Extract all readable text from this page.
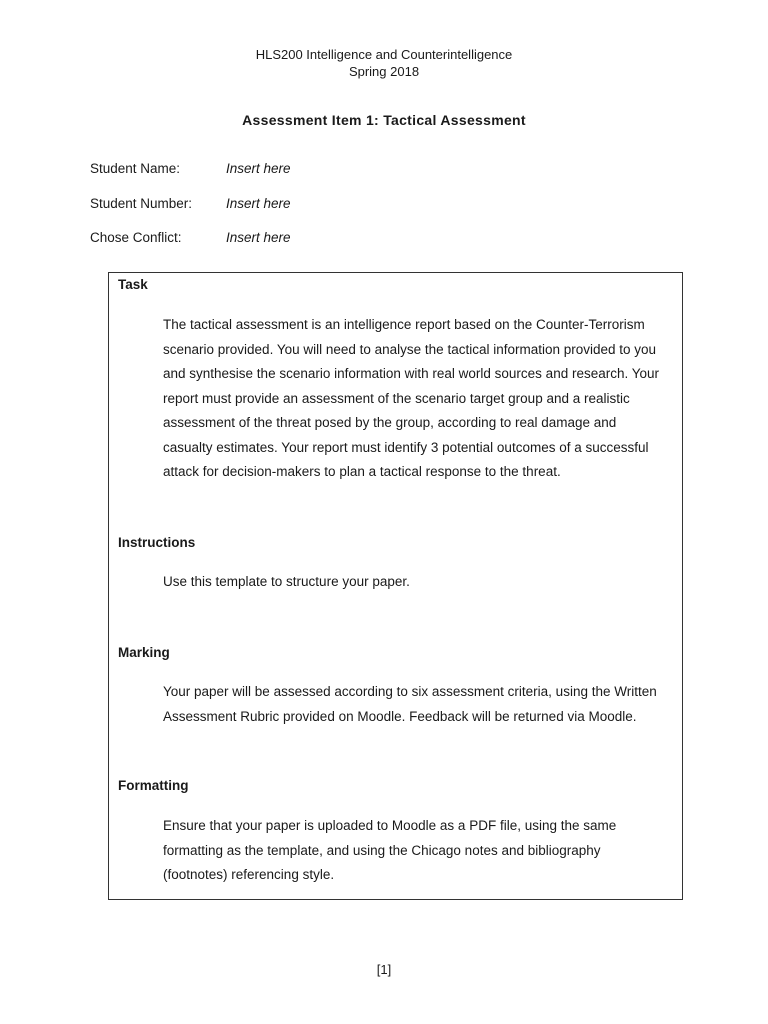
HLS200 Intelligence and Counterintelligence
Spring 2018
Assessment Item 1: Tactical Assessment
Student Name:	Insert here
Student Number:	Insert here
Chose Conflict:	Insert here
Task
The tactical assessment is an intelligence report based on the Counter-Terrorism scenario provided. You will need to analyse the tactical information provided to you and synthesise the scenario information with real world sources and research. Your report must provide an assessment of the scenario target group and a realistic assessment of the threat posed by the group, according to real damage and casualty estimates. Your report must identify 3 potential outcomes of a successful attack for decision-makers to plan a tactical response to the threat.
Instructions
Use this template to structure your paper.
Marking
Your paper will be assessed according to six assessment criteria, using the Written Assessment Rubric provided on Moodle. Feedback will be returned via Moodle.
Formatting
Ensure that your paper is uploaded to Moodle as a PDF file, using the same formatting as the template, and using the Chicago notes and bibliography (footnotes) referencing style.
[1]
